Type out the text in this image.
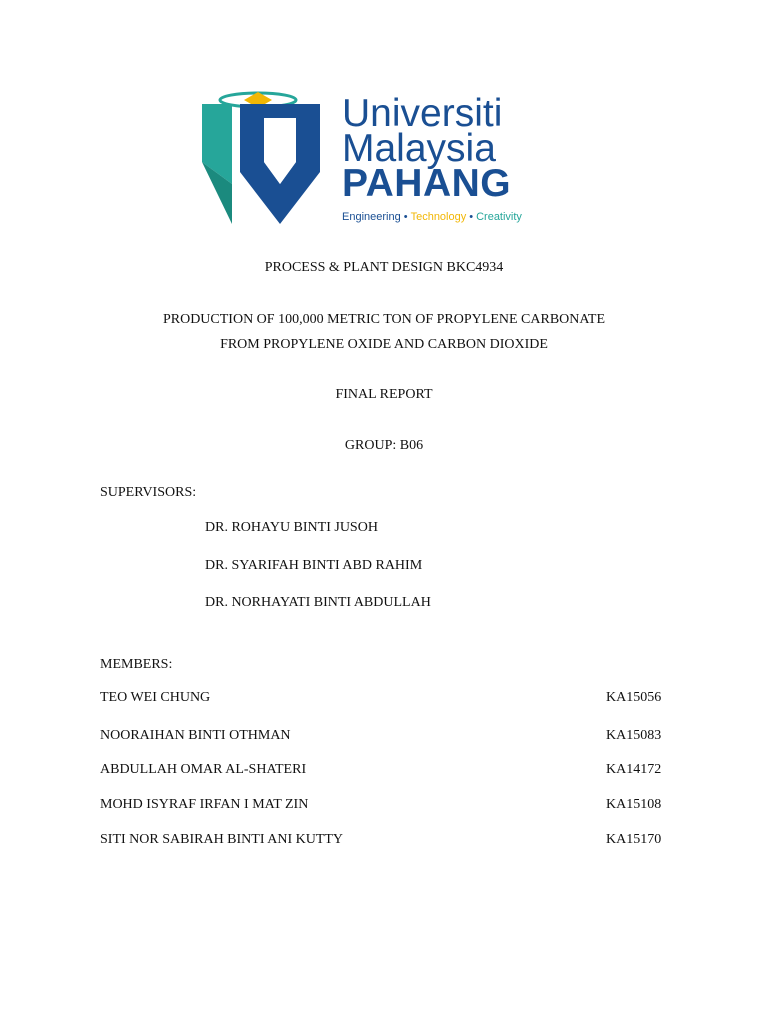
Universiti
Malaysia
PAHANG
Engineering • Technology • Creativity
PROCESS & PLANT DESIGN BKC4934
PRODUCTION OF 100,000 METRIC TON OF PROPYLENE CARBONATE
FROM PROPYLENE OXIDE AND CARBON DIOXIDE
FINAL REPORT
GROUP: B06
SUPERVISORS:
DR. ROHAYU BINTI JUSOH
DR. SYARIFAH BINTI ABD RAHIM
DR. NORHAYATI BINTI ABDULLAH
MEMBERS:
TEO WEI CHUNG	KA15056
NOORAIHAN BINTI OTHMAN	KA15083
ABDULLAH OMAR AL-SHATERI	KA14172
MOHD ISYRAF IRFAN I MAT ZIN	KA15108
SITI NOR SABIRAH BINTI ANI KUTTY	KA15170
